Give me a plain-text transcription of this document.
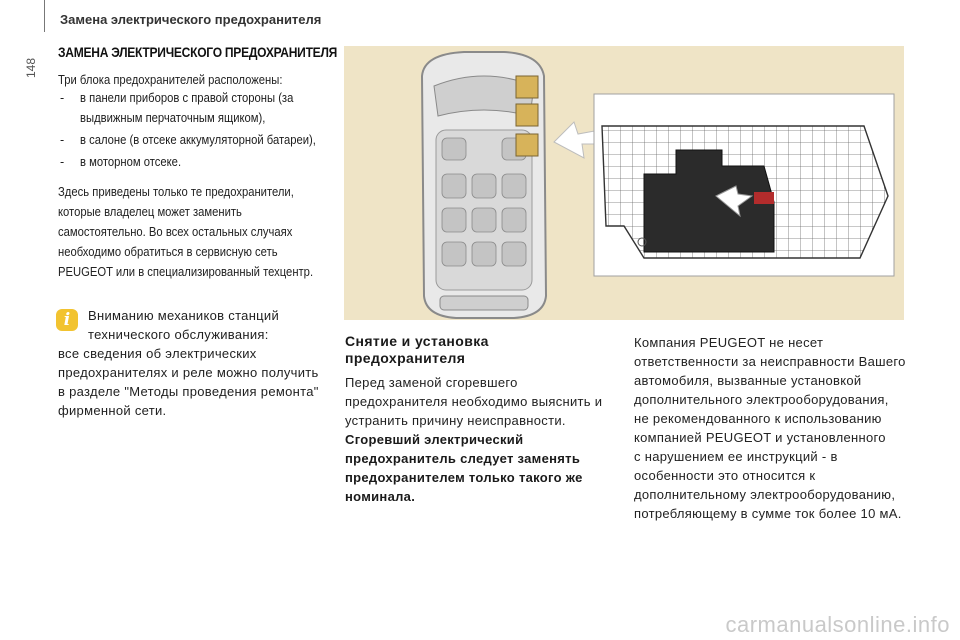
Замена электрического предохранителя
148
ЗАМЕНА ЭЛЕКТРИЧЕСКОГО ПРЕДОХРАНИТЕЛЯ
Три блока предохранителей расположены:
- в панели приборов с правой стороны (за
выдвижным перчаточным ящиком),
- в салоне (в отсеке аккумуляторной батареи),
- в моторном отсеке.
Здесь приведены только те предохранители,
которые владелец может заменить
самостоятельно. Во всех остальных случаях
необходимо обратиться в сервисную сеть
PEUGEOT или в специализированный техцентр.
i	Вниманию механиков станций
технического обслуживания:
все сведения об электрических
предохранителях и реле можно получить
в разделе "Методы проведения ремонта"
фирменной сети.
Снятие и установка
предохранителя
Перед заменой сгоревшего
предохранителя необходимо выяснить и
устранить причину неисправности.
Сгоревший электрический
предохранитель следует заменять
предохранителем только такого же
номинала.
Компания PEUGEOT не несет
ответственности за неисправности Вашего
автомобиля, вызванные установкой
дополнительного электрооборудования,
не рекомендованного к использованию
компанией PEUGEOT и установленного
с нарушением ее инструкций - в
особенности это относится к
дополнительному электрооборудованию,
потребляющему в сумме ток более 10 мА.
carmanualsonline.info
